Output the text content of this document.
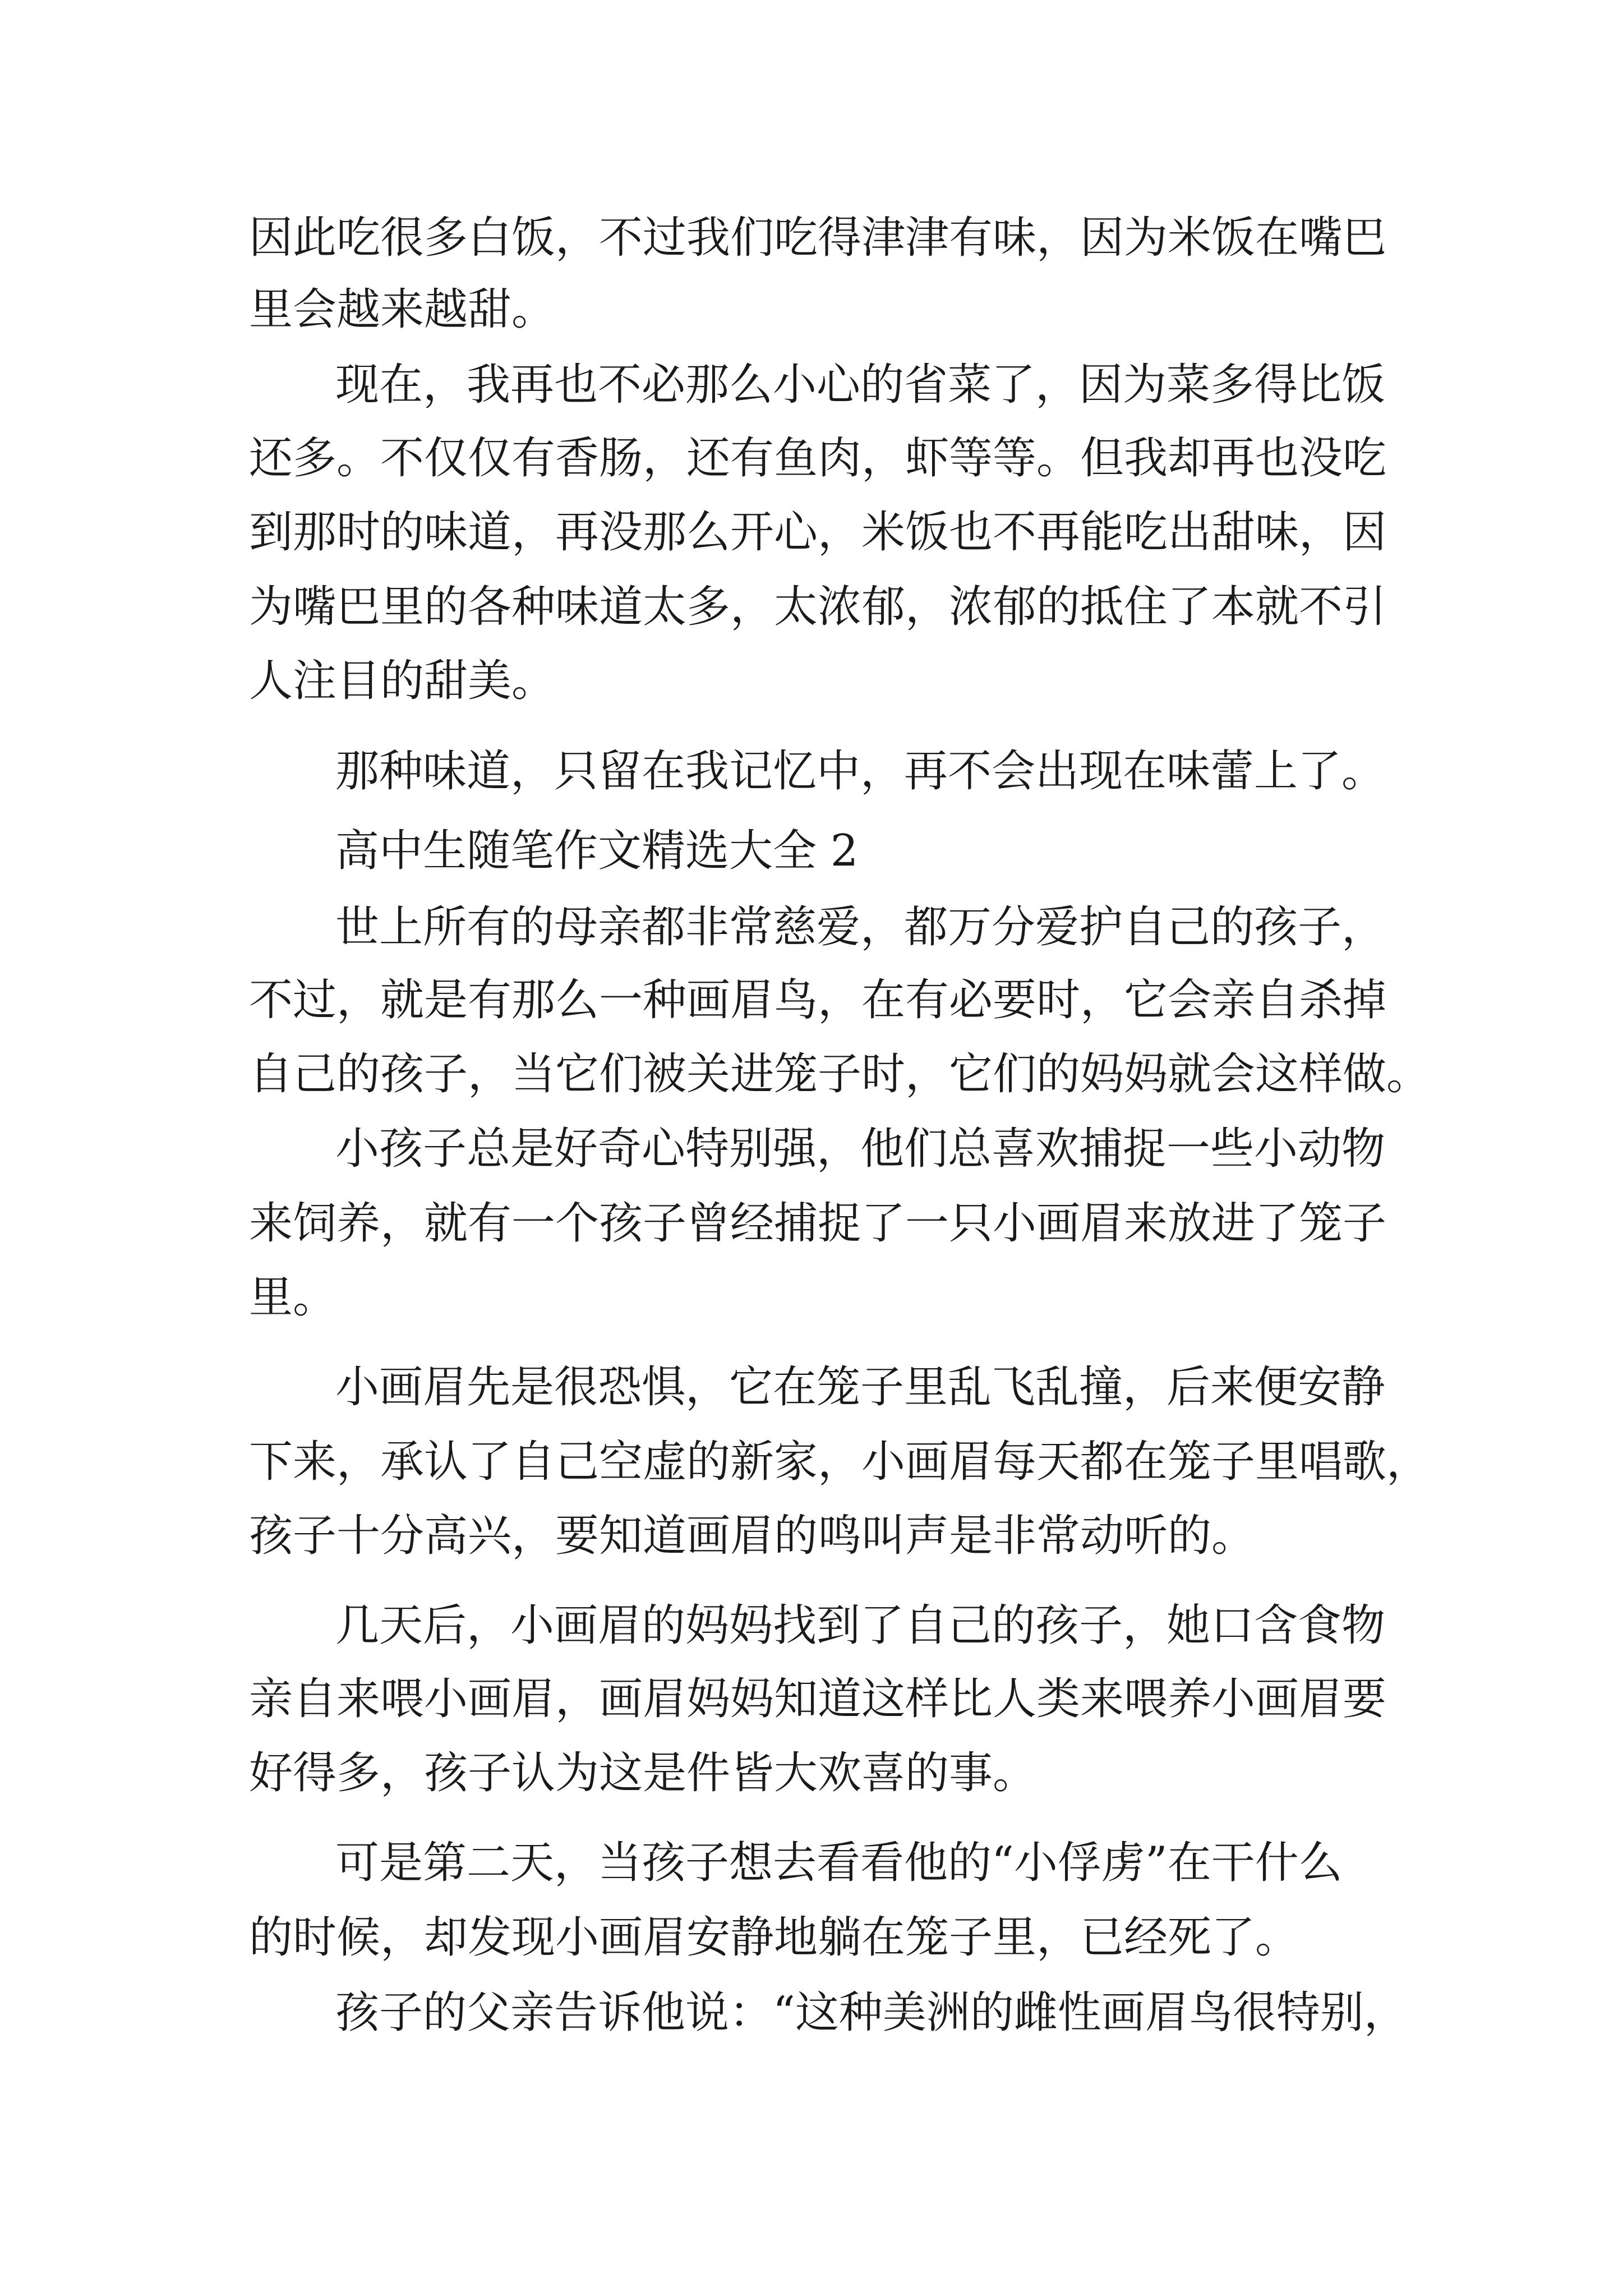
因此吃很多白饭，不过我们吃得津津有味，因为米饭在嘴巴

里会越来越甜。

现在，我再也不必那么小心的省菜了，因为菜多得比饭

还多。不仅仅有香肠，还有鱼肉，虾等等。但我却再也没吃

到那时的味道，再没那么开心，米饭也不再能吃出甜味，因

为嘴巴里的各种味道太多，太浓郁，浓郁的抵住了本就不引

人注目的甜美。

那种味道，只留在我记忆中，再不会出现在味蕾上了。

高中生随笔作文精选大全 2

世上所有的母亲都非常慈爱，都万分爱护自己的孩子，

不过，就是有那么一种画眉鸟，在有必要时，它会亲自杀掉

自己的孩子，当它们被关进笼子时，它们的妈妈就会这样做。

小孩子总是好奇心特别强，他们总喜欢捕捉一些小动物

来饲养，就有一个孩子曾经捕捉了一只小画眉来放进了笼子

里。

小画眉先是很恐惧，它在笼子里乱飞乱撞，后来便安静

下来，承认了自己空虚的新家，小画眉每天都在笼子里唱歌，

孩子十分高兴，要知道画眉的鸣叫声是非常动听的。

几天后，小画眉的妈妈找到了自己的孩子，她口含食物

亲自来喂小画眉，画眉妈妈知道这样比人类来喂养小画眉要

好得多，孩子认为这是件皆大欢喜的事。

可是第二天，当孩子想去看看他的“小俘虏”在干什么

的时候，却发现小画眉安静地躺在笼子里，已经死了。

孩子的父亲告诉他说：“这种美洲的雌性画眉鸟很特别，
